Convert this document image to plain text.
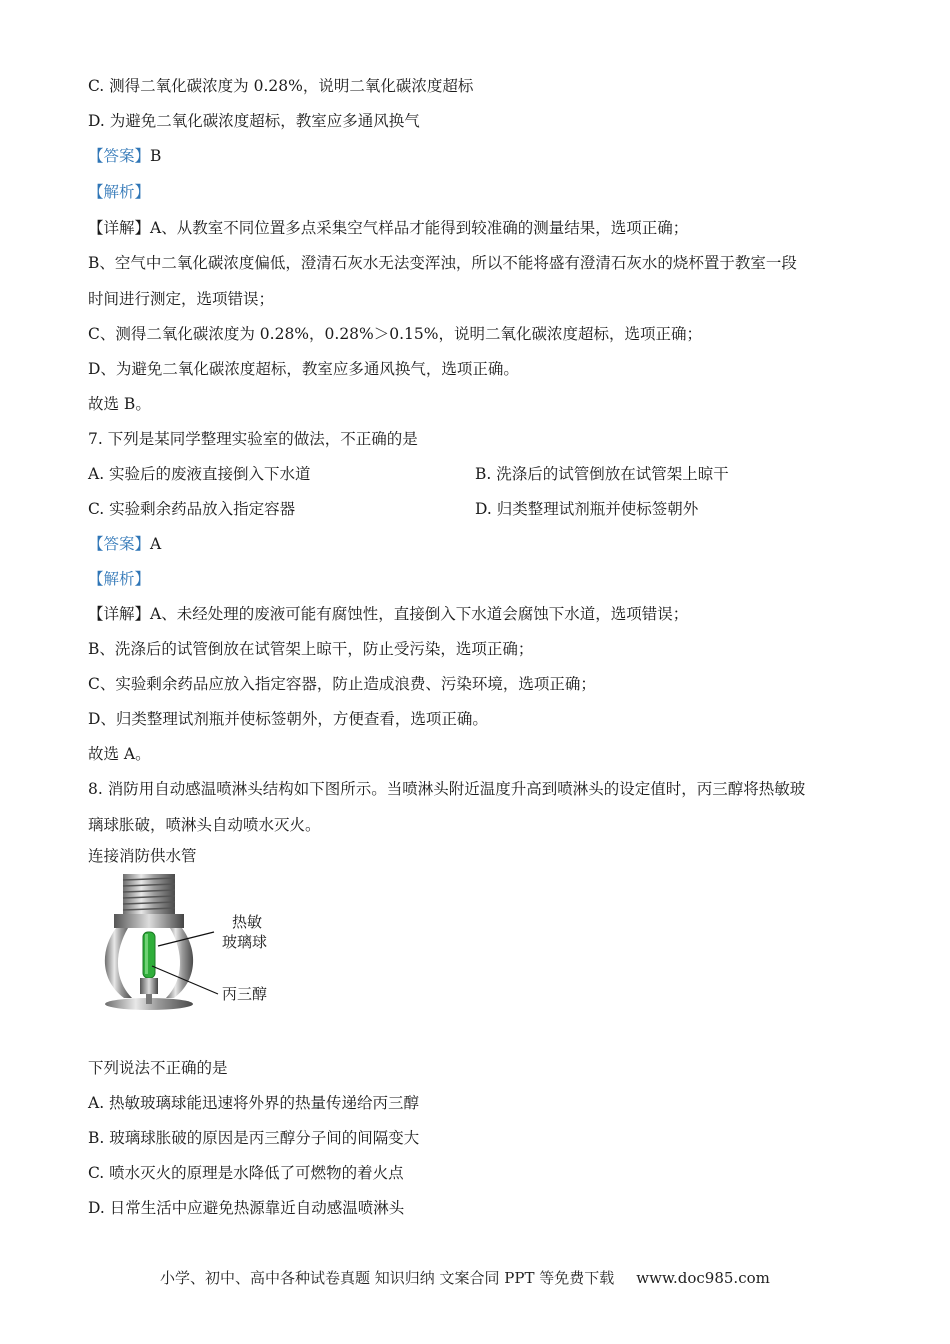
C. 测得二氧化碳浓度为 0.28%，说明二氧化碳浓度超标
D. 为避免二氧化碳浓度超标，教室应多通风换气
【答案】B
【解析】
【详解】A、从教室不同位置多点采集空气样品才能得到较准确的测量结果，选项正确；
B、空气中二氧化碳浓度偏低，澄清石灰水无法变浑浊，所以不能将盛有澄清石灰水的烧杯置于教室一段
时间进行测定，选项错误；
C、测得二氧化碳浓度为 0.28%，0.28%＞0.15%，说明二氧化碳浓度超标，选项正确；
D、为避免二氧化碳浓度超标，教室应多通风换气，选项正确。
故选 B。
7. 下列是某同学整理实验室的做法，不正确的是
A. 实验后的废液直接倒入下水道	B. 洗涤后的试管倒放在试管架上晾干
C. 实验剩余药品放入指定容器	D. 归类整理试剂瓶并使标签朝外
【答案】A
【解析】
【详解】A、未经处理的废液可能有腐蚀性，直接倒入下水道会腐蚀下水道，选项错误；
B、洗涤后的试管倒放在试管架上晾干，防止受污染，选项正确；
C、实验剩余药品应放入指定容器，防止造成浪费、污染环境，选项正确；
D、归类整理试剂瓶并使标签朝外，方便查看，选项正确。
故选 A。
8. 消防用自动感温喷淋头结构如下图所示。当喷淋头附近温度升高到喷淋头的设定值时，丙三醇将热敏玻
璃球胀破，喷淋头自动喷水灭火。
连接消防供水管
热敏
玻璃球
丙三醇
下列说法不正确的是
A. 热敏玻璃球能迅速将外界的热量传递给丙三醇
B. 玻璃球胀破的原因是丙三醇分子间的间隔变大
C. 喷水灭火的原理是水降低了可燃物的着火点
D. 日常生活中应避免热源靠近自动感温喷淋头
小学、初中、高中各种试卷真题 知识归纳 文案合同 PPT 等免费下载 www.doc985.com
